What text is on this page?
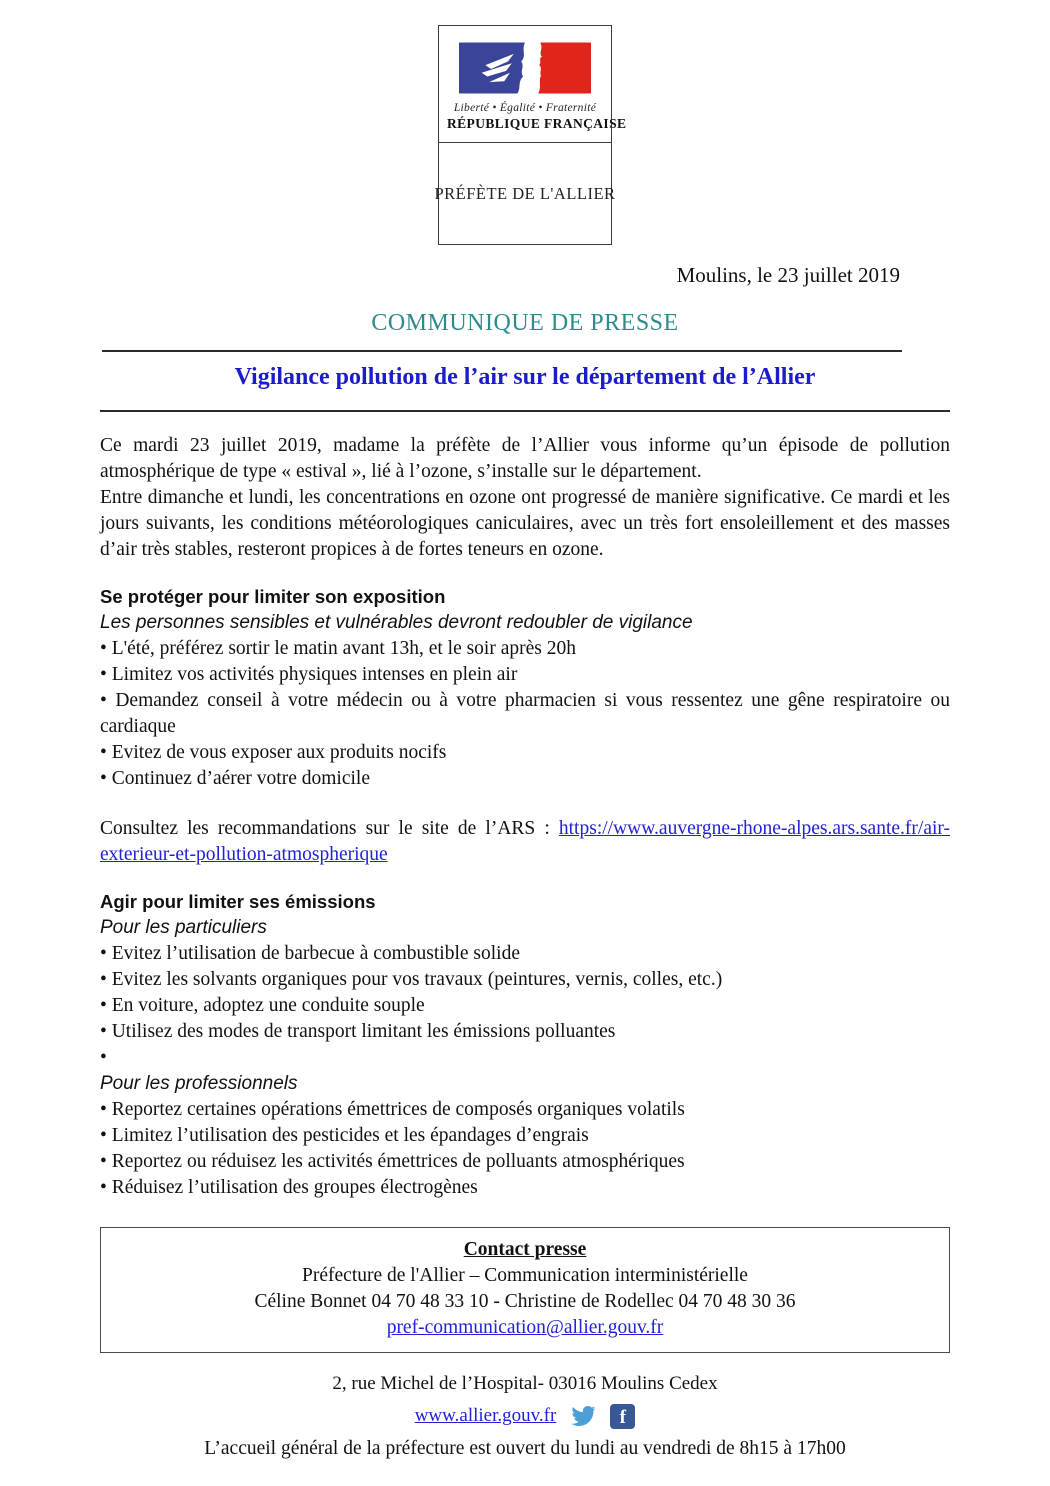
Liberté • Égalité • Fraternité
RÉPUBLIQUE FRANÇAISE
PRÉFÈTE DE L'ALLIER
Moulins, le 23 juillet 2019
COMMUNIQUE DE PRESSE
Vigilance pollution de l’air sur le département de l’Allier

Ce mardi 23 juillet 2019, madame la préfète de l’Allier vous informe qu’un épisode de pollution atmosphérique de type « estival », lié à l’ozone, s’installe sur le département.

Entre dimanche et lundi, les concentrations en ozone ont progressé de manière significative. Ce mardi et les jours suivants, les conditions météorologiques caniculaires, avec un très fort ensoleillement et des masses d’air très stables, resteront propices à de fortes teneurs en ozone.

Se protéger pour limiter son exposition

Les personnes sensibles et vulnérables devront redoubler de vigilance

• L'été, préférez sortir le matin avant 13h, et le soir après 20h

• Limitez vos activités physiques intenses en plein air

• Demandez conseil à votre médecin ou à votre pharmacien si vous ressentez une gêne respiratoire ou cardiaque

• Evitez de vous exposer aux produits nocifs

• Continuez d’aérer votre domicile

Consultez les recommandations sur le site de l’ARS : https://www.auvergne-rhone-alpes.ars.sante.fr/air-exterieur-et-pollution-atmospherique

Agir pour limiter ses émissions

Pour les particuliers

• Evitez l’utilisation de barbecue à combustible solide

• Evitez les solvants organiques pour vos travaux (peintures, vernis, colles, etc.)

• En voiture, adoptez une conduite souple

• Utilisez des modes de transport limitant les émissions polluantes

•

Pour les professionnels

• Reportez certaines opérations émettrices de composés organiques volatils

• Limitez l’utilisation des pesticides et les épandages d’engrais

• Reportez ou réduisez les activités émettrices de polluants atmosphériques

• Réduisez l’utilisation des groupes électrogènes

Contact presse
Préfecture de l'Allier – Communication interministérielle
Céline Bonnet 04 70 48 33 10 - Christine de Rodellec 04 70 48 30 36
pref-communication@allier.gouv.fr
2, rue Michel de l’Hospital- 03016 Moulins Cedex
www.allier.gouv.fr	f
L’accueil général de la préfecture est ouvert du lundi au vendredi de 8h15 à 17h00
